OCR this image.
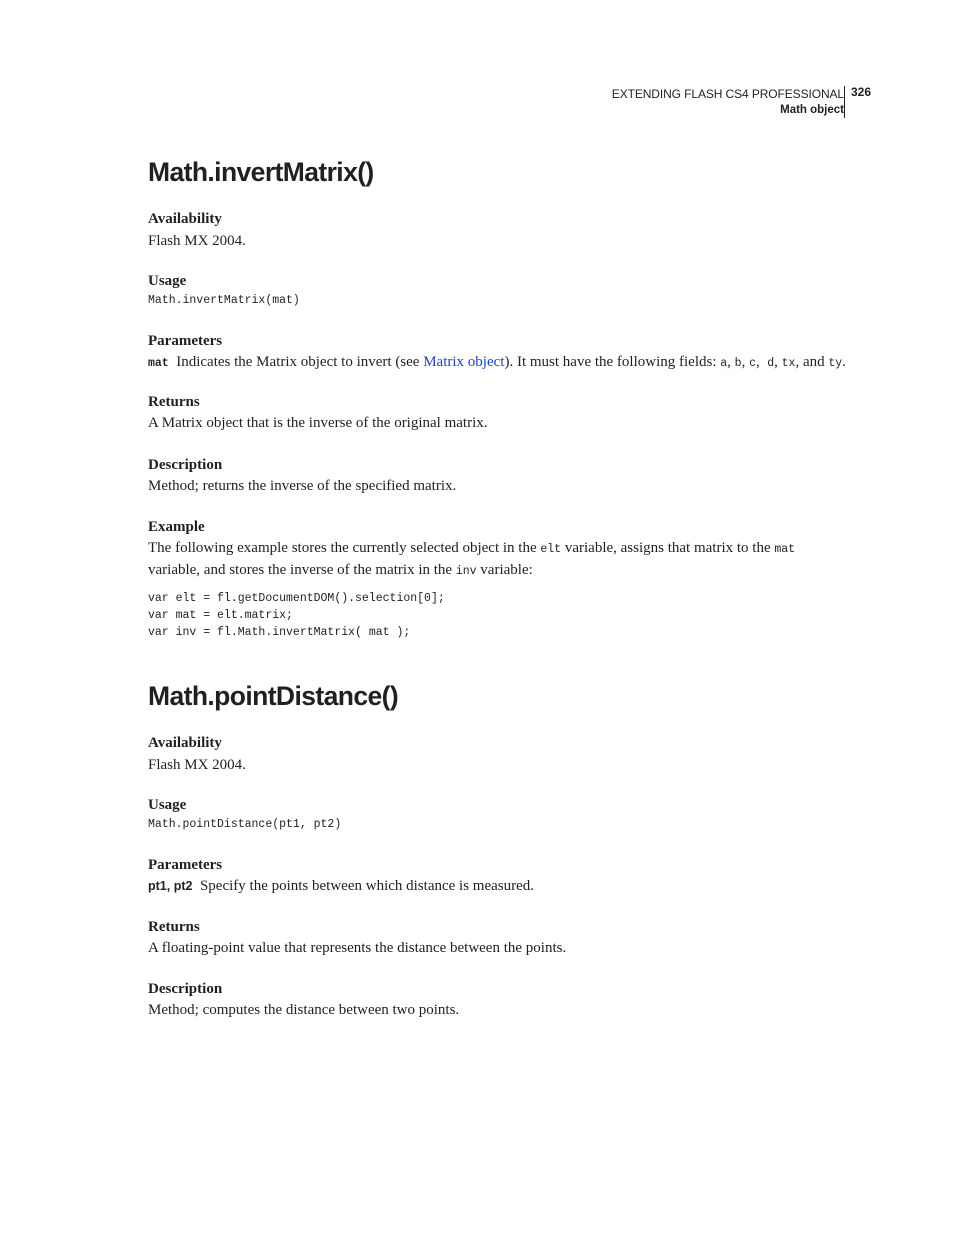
EXTENDING FLASH CS4 PROFESSIONAL
Math object
326
Math.invertMatrix()
Availability
Flash MX 2004.
Usage
Math.invertMatrix(mat)
Parameters
mat  Indicates the Matrix object to invert (see Matrix object). It must have the following fields: a, b, c,  d, tx, and ty.
Returns
A Matrix object that is the inverse of the original matrix.
Description
Method; returns the inverse of the specified matrix.
Example
The following example stores the currently selected object in the elt variable, assigns that matrix to the mat variable, and stores the inverse of the matrix in the inv variable:
var elt = fl.getDocumentDOM().selection[0];
var mat = elt.matrix;
var inv = fl.Math.invertMatrix( mat );
Math.pointDistance()
Availability
Flash MX 2004.
Usage
Math.pointDistance(pt1, pt2)
Parameters
pt1, pt2  Specify the points between which distance is measured.
Returns
A floating-point value that represents the distance between the points.
Description
Method; computes the distance between two points.
